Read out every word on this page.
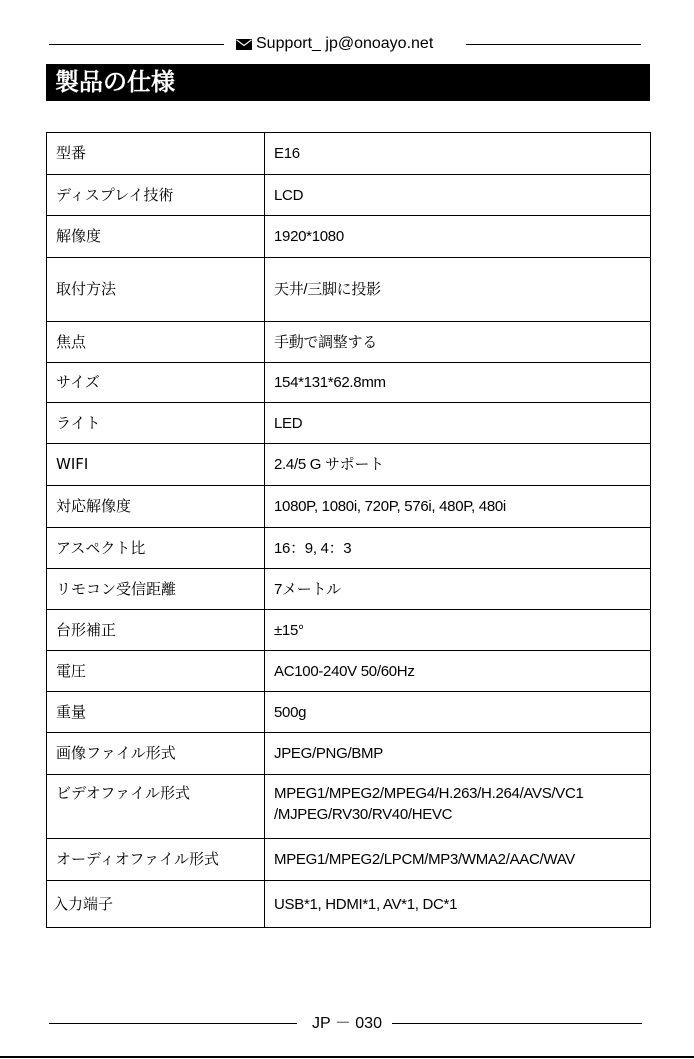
Support_ jp@onoayo.net
製品の仕様
型番	E16
ディスプレイ技術	LCD
解像度	1920*1080
取付方法	天井/三脚に投影
焦点	手動で調整する
サイズ	154*131*62.8mm
ライト	LED
WIFI	2.4/5 G サポート
対応解像度	1080P, 1080i, 720P, 576i, 480P, 480i
アスペクト比	16：9, 4：3
リモコン受信距離	7メートル
台形補正	±15°
電圧	AC100-240V 50/60Hz
重量	500g
画像ファイル形式	JPEG/PNG/BMP
ビデオファイル形式	MPEG1/MPEG2/MPEG4/H.263/H.264/AVS/VC1
/MJPEG/RV30/RV40/HEVC

オーディオファイル形式	MPEG1/MPEG2/LPCM/MP3/WMA2/AAC/WAV
入力端子	USB*1, HDMI*1, AV*1, DC*1
JP － 030
